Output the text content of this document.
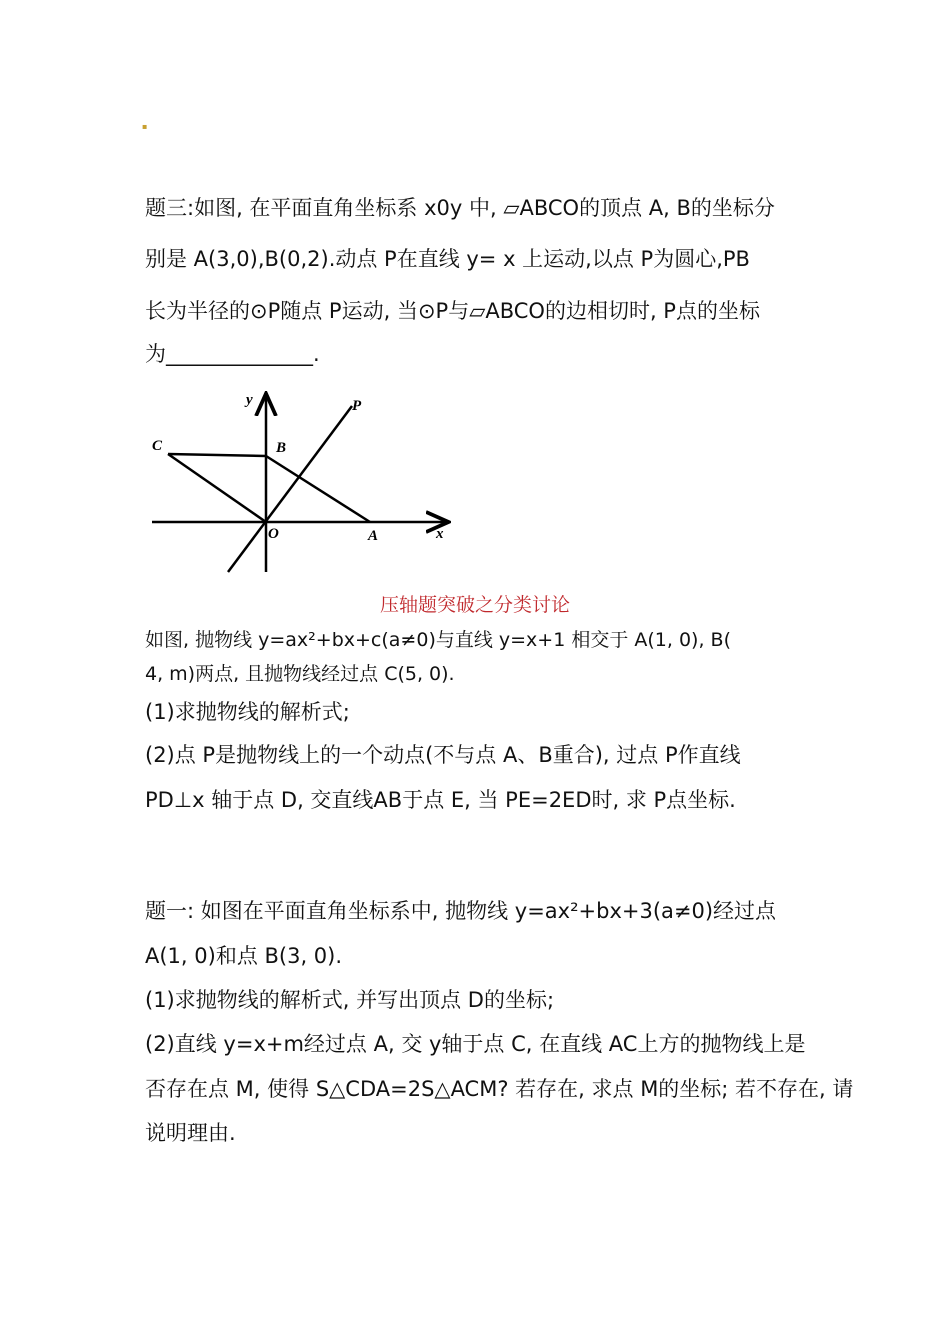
▪
题三:如图, 在平面直角坐标系 x0y 中, ▱ABCO的顶点 A, B的坐标分
别是 A(3,0),B(0,2).动点 P在直线 y= x 上运动,以点 P为圆心,PB
长为半径的⊙P随点 P运动, 当⊙P与▱ABCO的边相切时, P点的坐标
为______________.
y	P
C	B
O	A	x
压轴题突破之分类讨论
如图, 抛物线 y=ax²+bx+c(a≠0)与直线 y=x+1 相交于 A(1, 0), B(
4, m)两点, 且抛物线经过点 C(5, 0).
(1)求抛物线的解析式;
(2)点 P是抛物线上的一个动点(不与点 A、B重合), 过点 P作直线
PD⊥x 轴于点 D, 交直线AB于点 E, 当 PE=2ED时, 求 P点坐标.
题一: 如图在平面直角坐标系中, 抛物线 y=ax²+bx+3(a≠0)经过点
A(1, 0)和点 B(3, 0).
(1)求抛物线的解析式, 并写出顶点 D的坐标;
(2)直线 y=x+m经过点 A, 交 y轴于点 C, 在直线 AC上方的抛物线上是
否存在点 M, 使得 S△CDA=2S△ACM? 若存在, 求点 M的坐标; 若不存在, 请
说明理由.
